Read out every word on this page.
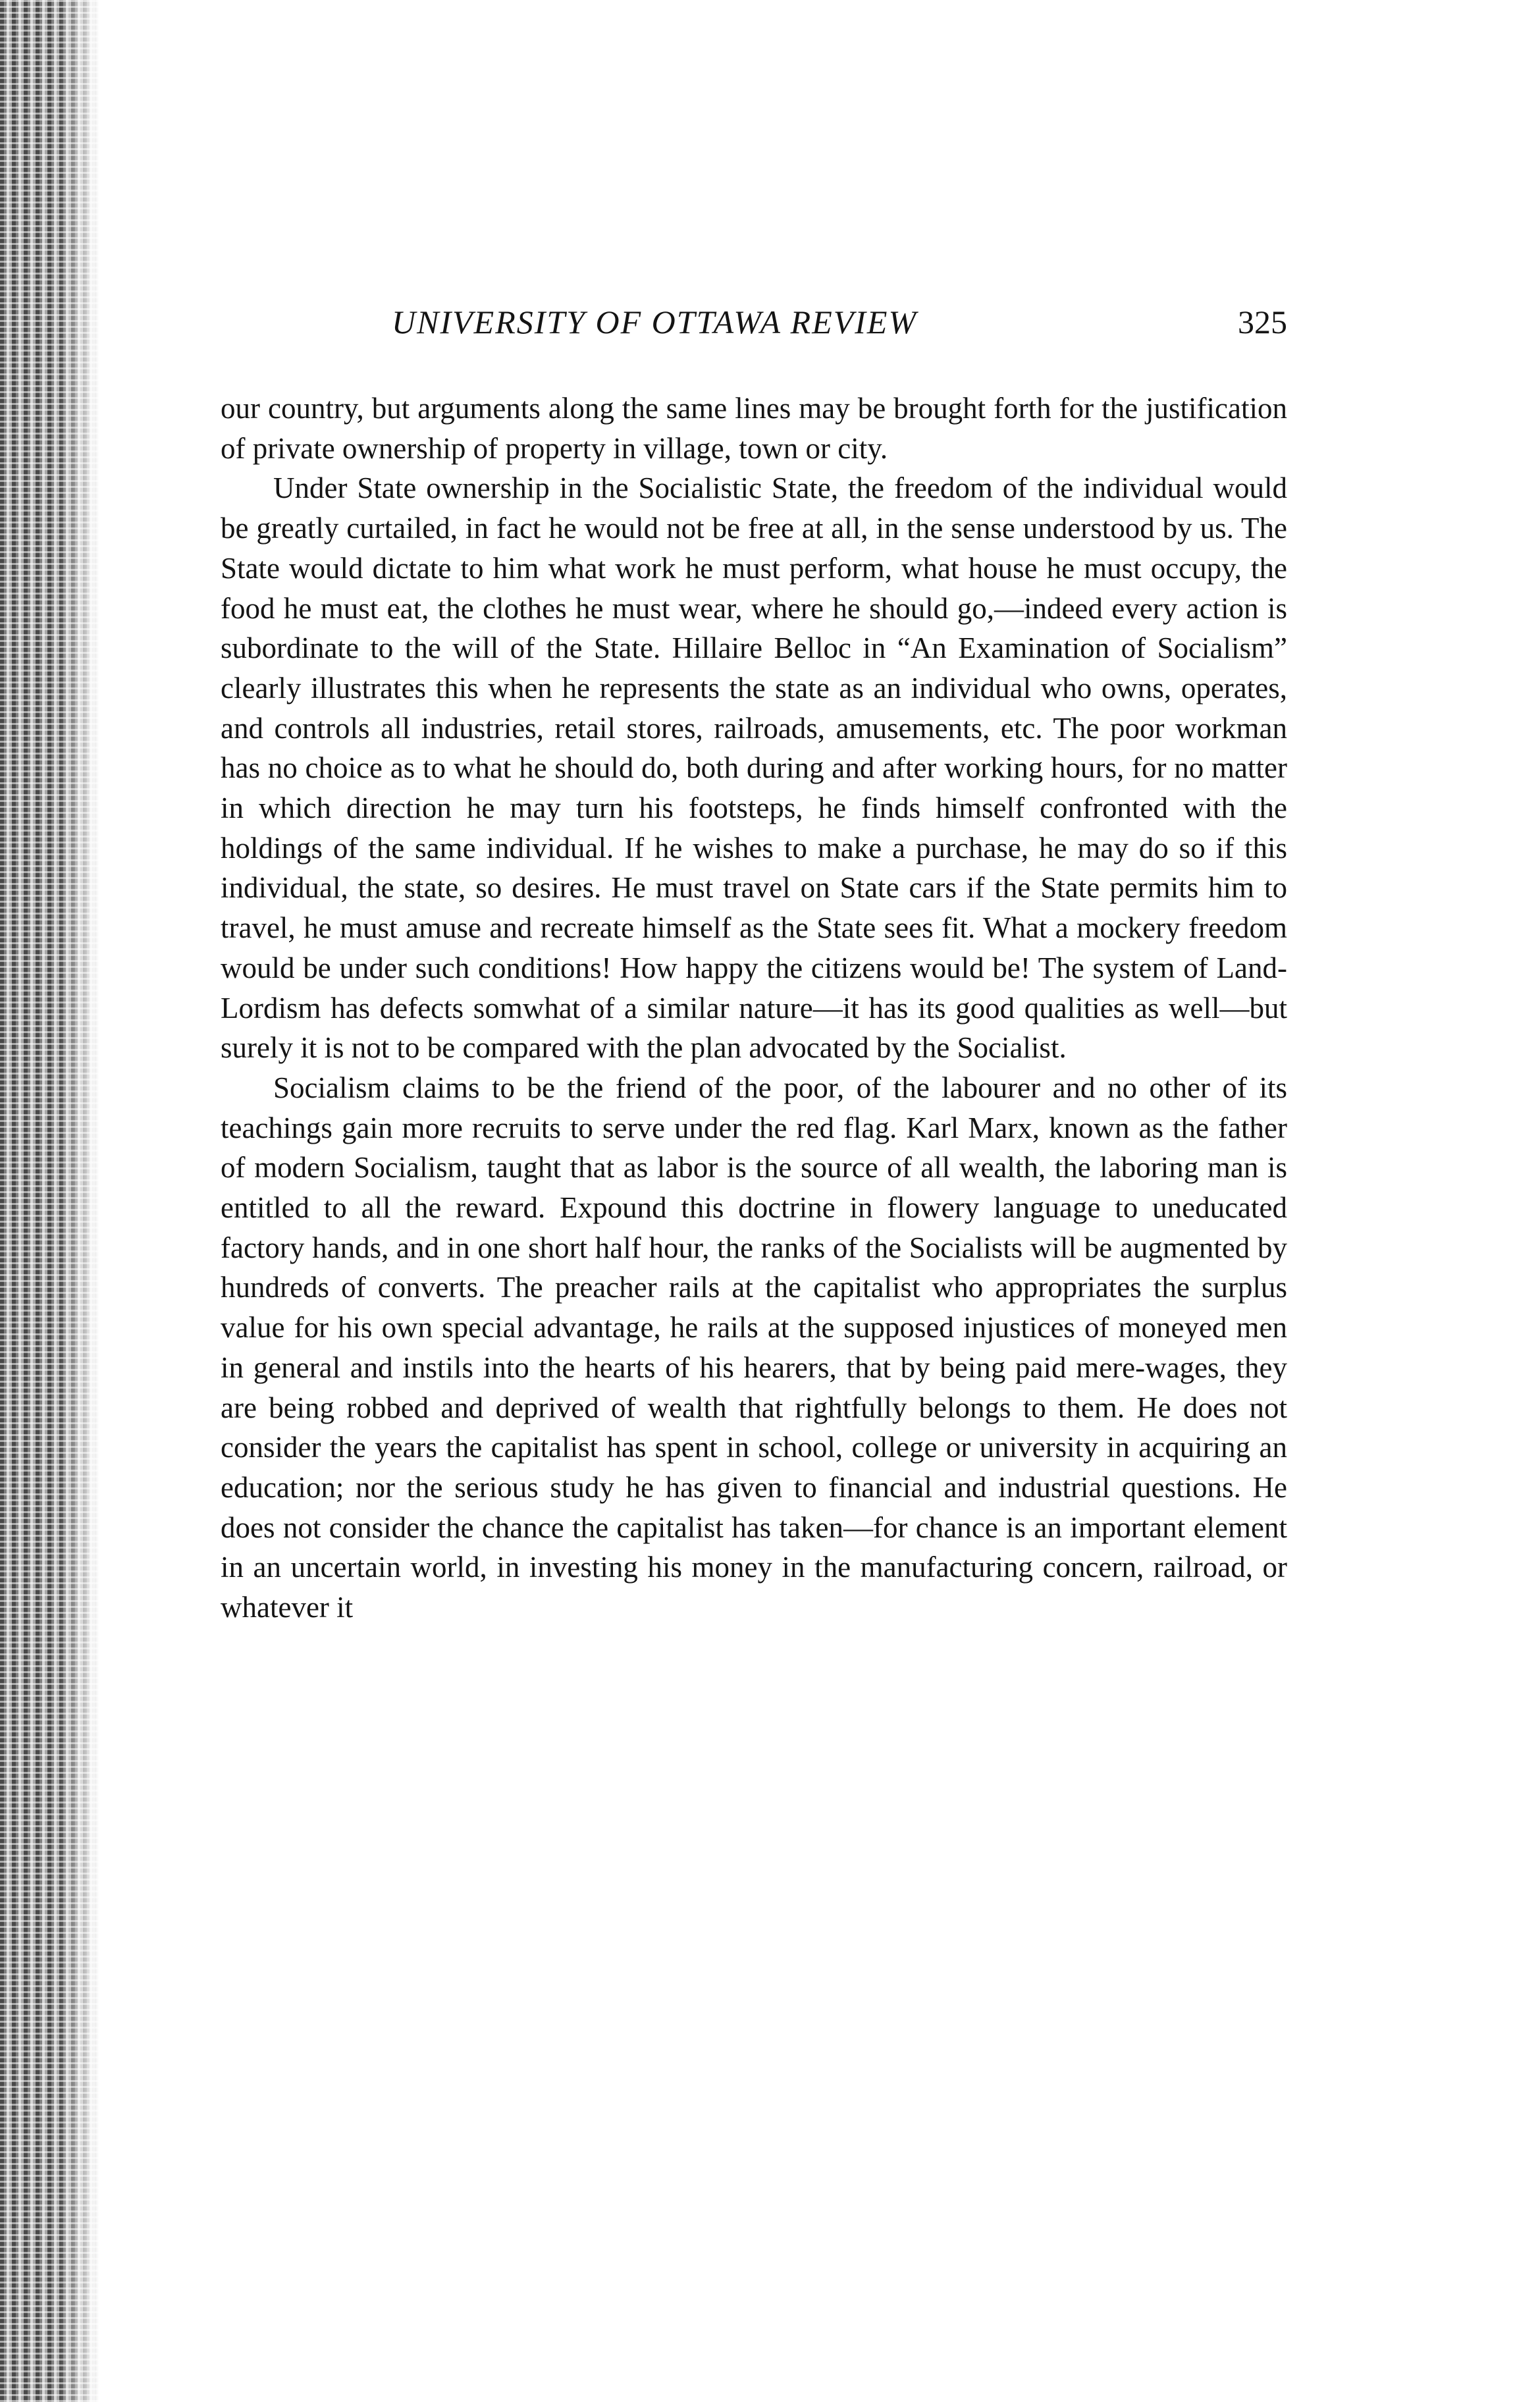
UNIVERSITY OF OTTAWA REVIEW	325

our country, but arguments along the same lines may be brought forth for the justification of private ownership of property in village, town or city.

Under State ownership in the Socialistic State, the freedom of the individual would be greatly curtailed, in fact he would not be free at all, in the sense understood by us. The State would dictate to him what work he must perform, what house he must occupy, the food he must eat, the clothes he must wear, where he should go,—indeed every action is subordinate to the will of the State. Hillaire Belloc in “An Examination of Socialism” clearly illustrates this when he represents the state as an individual who owns, operates, and controls all industries, retail stores, railroads, amusements, etc. The poor workman has no choice as to what he should do, both during and after working hours, for no matter in which direction he may turn his footsteps, he finds himself confronted with the holdings of the same individual. If he wishes to make a purchase, he may do so if this individual, the state, so desires. He must travel on State cars if the State permits him to travel, he must amuse and recreate himself as the State sees fit. What a mockery freedom would be under such conditions! How happy the citizens would be! The system of Land-Lordism has defects somwhat of a similar nature—it has its good qualities as well—but surely it is not to be compared with the plan advocated by the Socialist.

Socialism claims to be the friend of the poor, of the labourer and no other of its teachings gain more recruits to serve under the red flag. Karl Marx, known as the father of modern Socialism, taught that as labor is the source of all wealth, the laboring man is entitled to all the reward. Expound this doctrine in flowery language to uneducated factory hands, and in one short half hour, the ranks of the Socialists will be augmented by hundreds of converts. The preacher rails at the capitalist who appropriates the surplus value for his own special advantage, he rails at the supposed injustices of moneyed men in general and instils into the hearts of his hearers, that by being paid mere-wages, they are being robbed and deprived of wealth that rightfully belongs to them. He does not consider the years the capitalist has spent in school, college or university in acquiring an education; nor the serious study he has given to financial and industrial questions. He does not consider the chance the capitalist has taken—for chance is an important element in an uncertain world, in investing his money in the manufacturing concern, railroad, or whatever it
